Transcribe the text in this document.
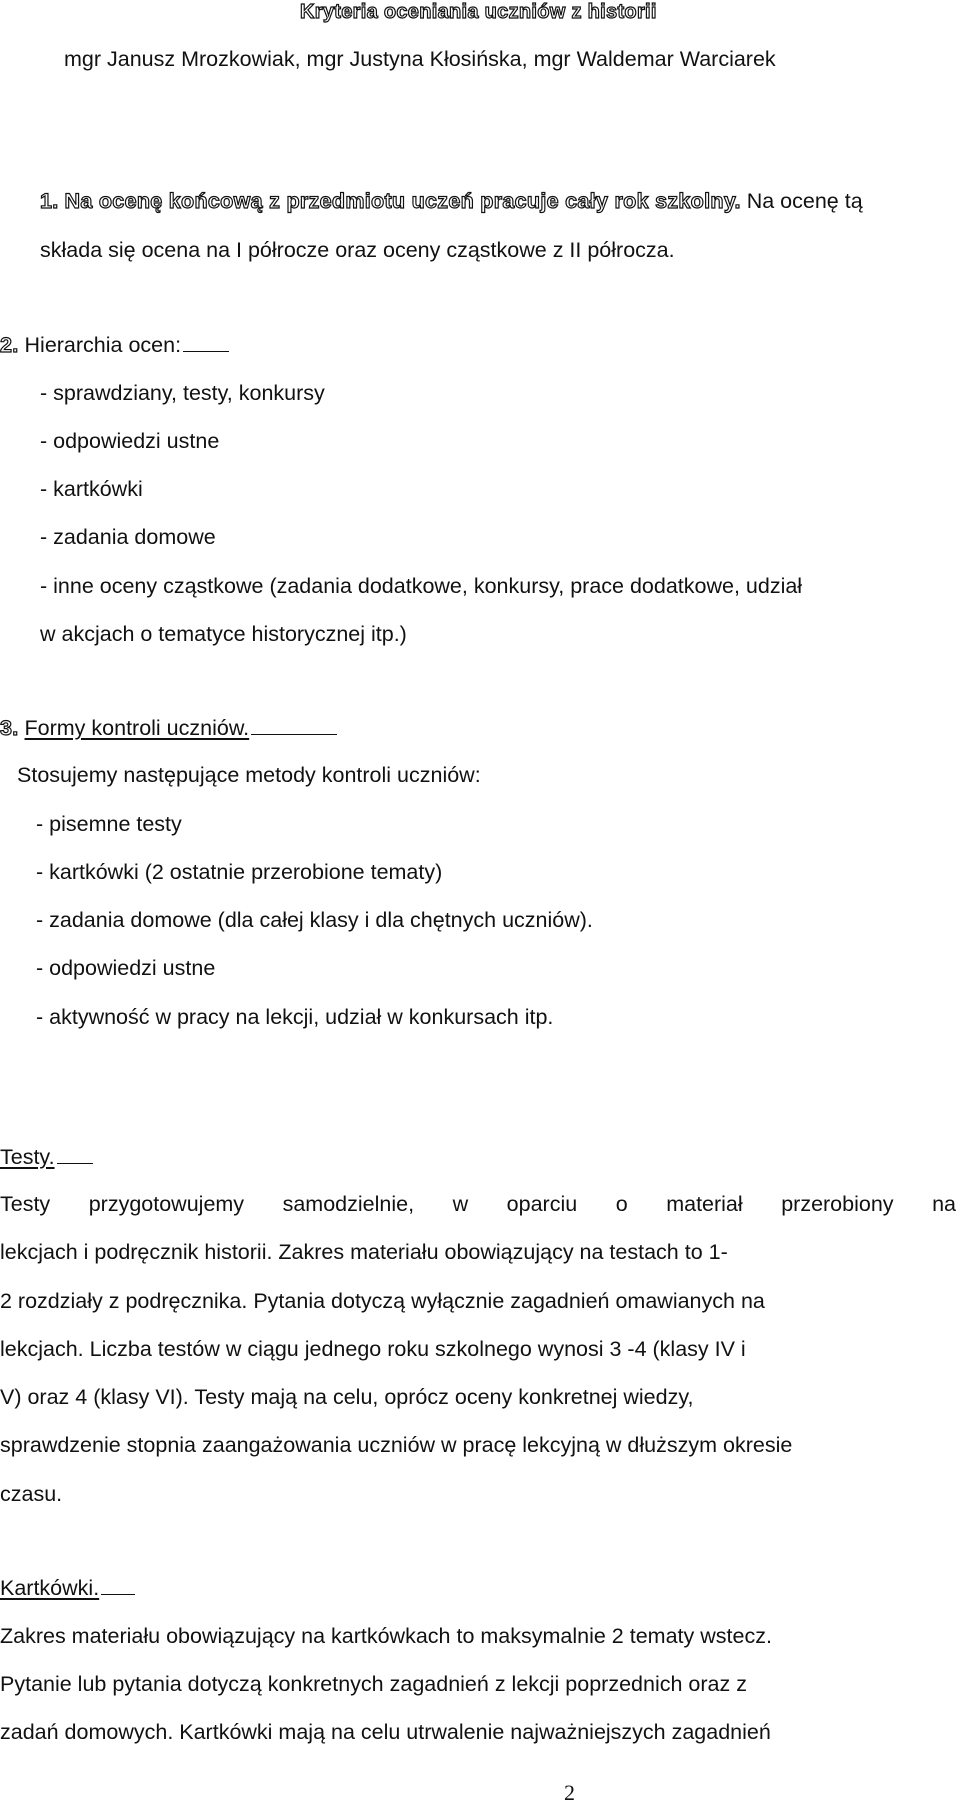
Kryteria oceniania uczniów z historii
mgr Janusz Mrozkowiak, mgr Justyna Kłosińska, mgr Waldemar Warciarek
1. Na ocenę końcową z przedmiotu uczeń pracuje cały rok szkolny. Na ocenę tą
składa się ocena na I półrocze oraz oceny cząstkowe z II półrocza.
2. Hierarchia ocen:
- sprawdziany, testy, konkursy
- odpowiedzi ustne
- kartkówki
- zadania domowe
- inne oceny cząstkowe (zadania dodatkowe, konkursy, prace dodatkowe, udział
w akcjach o tematyce historycznej itp.)
3. Formy kontroli uczniów.
Stosujemy następujące metody kontroli uczniów:
- pisemne testy
- kartkówki (2 ostatnie przerobione tematy)
- zadania domowe (dla całej klasy i dla chętnych uczniów).
- odpowiedzi ustne
- aktywność w pracy na lekcji, udział w konkursach itp.
Testy.
Testy przygotowujemy samodzielnie, w oparciu o materiał przerobiony na
lekcjach i podręcznik historii. Zakres materiału obowiązujący na testach to 1-
2 rozdziały z podręcznika. Pytania dotyczą wyłącznie zagadnień omawianych na
lekcjach. Liczba testów w ciągu jednego roku szkolnego wynosi 3 -4 (klasy IV i
V) oraz 4 (klasy VI). Testy mają na celu, oprócz oceny konkretnej wiedzy,
sprawdzenie stopnia zaangażowania uczniów w pracę lekcyjną w dłuższym okresie
czasu.
Kartkówki.
Zakres materiału obowiązujący na kartkówkach to maksymalnie 2 tematy wstecz.
Pytanie lub pytania dotyczą konkretnych zagadnień z lekcji poprzednich oraz z
zadań domowych. Kartkówki mają na celu utrwalenie najważniejszych zagadnień
2
